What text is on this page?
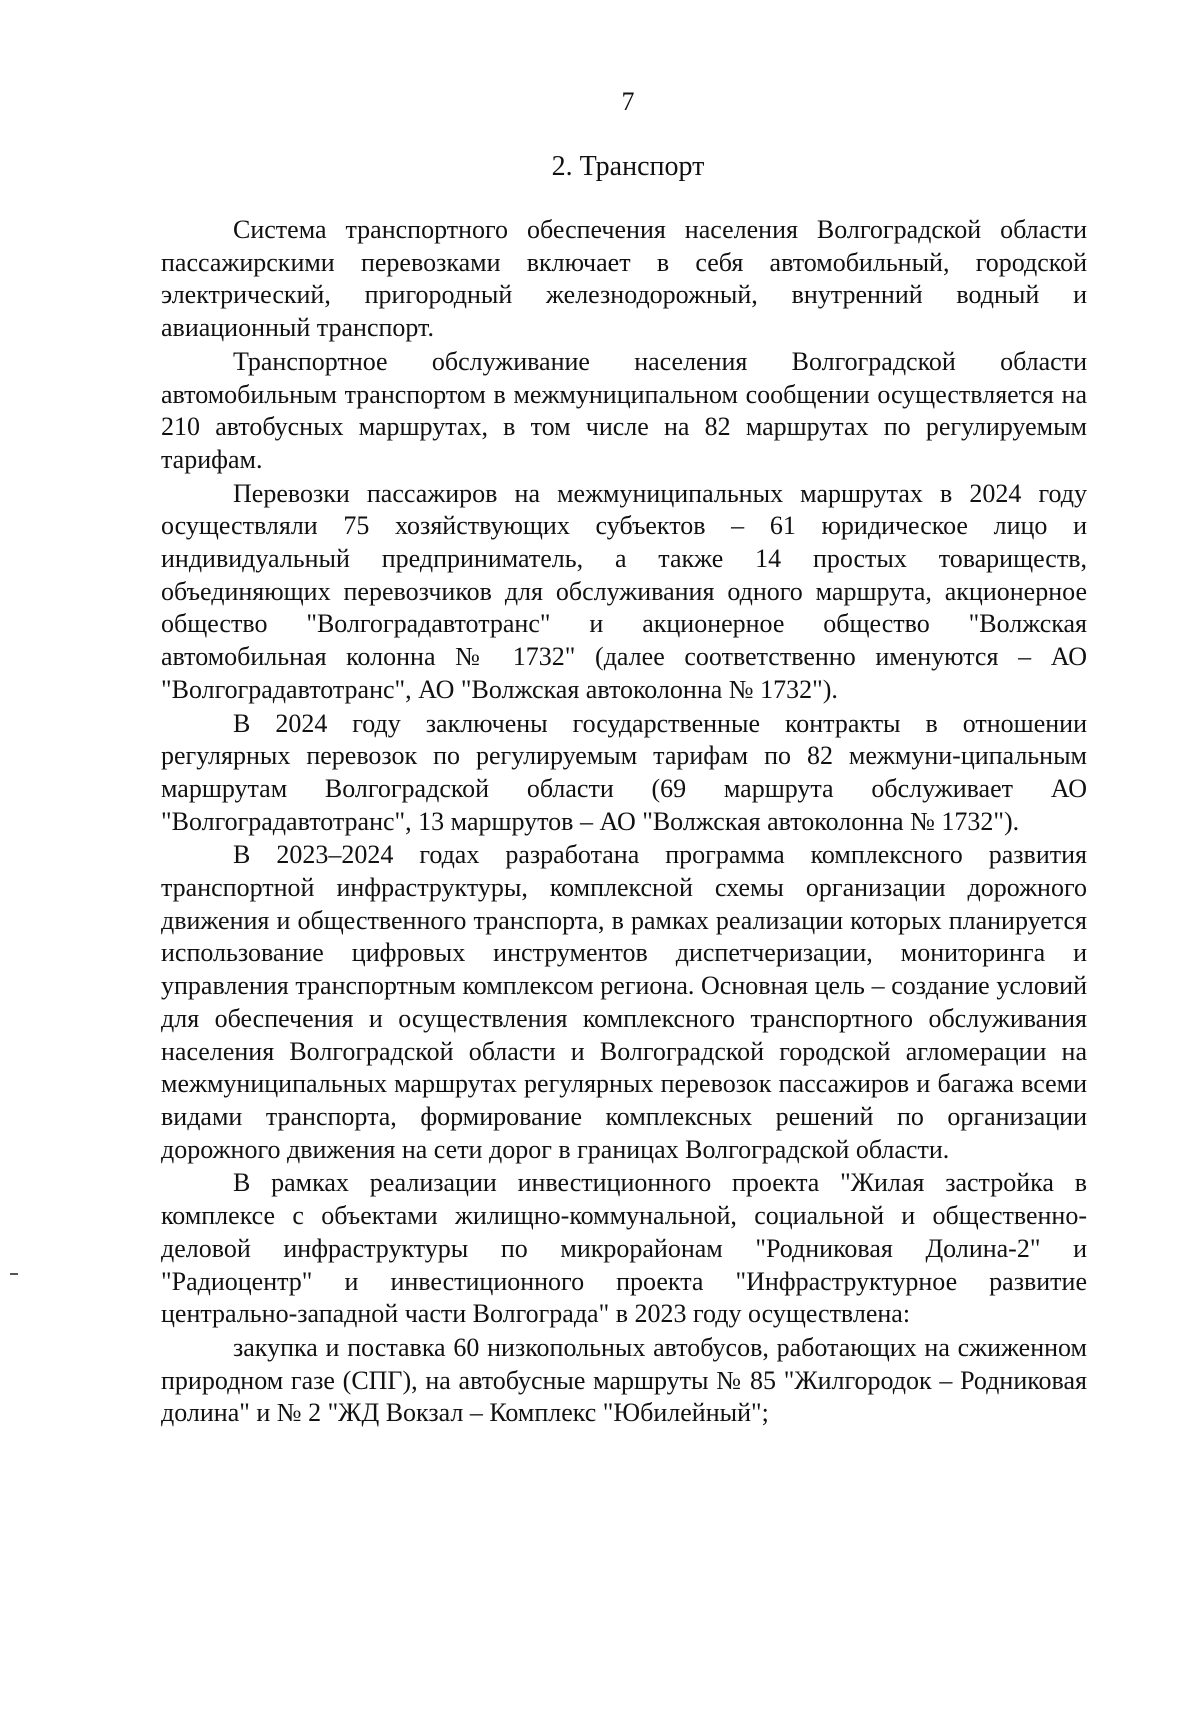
7
2. Транспорт

Система транспортного обеспечения населения Волгоградской области пассажирскими перевозками включает в себя автомобильный, городской электрический, пригородный железнодорожный, внутренний водный и авиационный транспорт.

Транспортное обслуживание населения Волгоградской области автомобильным транспортом в межмуниципальном сообщении осуществляется на 210 автобусных маршрутах, в том числе на 82 маршрутах по регулируемым тарифам.

Перевозки пассажиров на межмуниципальных маршрутах в 2024 году осуществляли 75 хозяйствующих субъектов – 61 юридическое лицо и индивидуальный предприниматель, а также 14 простых товариществ, объединяющих перевозчиков для обслуживания одного маршрута, акционерное общество "Волгоградавтотранс" и акционерное общество "Волжская автомобильная колонна № 1732" (далее соответственно именуются – АО "Волгоградавтотранс", АО "Волжская автоколонна № 1732").

В 2024 году заключены государственные контракты в отношении регулярных перевозок по регулируемым тарифам по 82 межмуни-ципальным маршрутам Волгоградской области (69 маршрута обслуживает АО "Волгоградавтотранс", 13 маршрутов – АО "Волжская автоколонна № 1732").

В 2023–2024 годах разработана программа комплексного развития транспортной инфраструктуры, комплексной схемы организации дорожного движения и общественного транспорта, в рамках реализации которых планируется использование цифровых инструментов диспетчеризации, мониторинга и управления транспортным комплексом региона. Основная цель – создание условий для обеспечения и осуществления комплексного транспортного обслуживания населения Волгоградской области и Волгоградской городской агломерации на межмуниципальных маршрутах регулярных перевозок пассажиров и багажа всеми видами транспорта, формирование комплексных решений по организации дорожного движения на сети дорог в границах Волгоградской области.

В рамках реализации инвестиционного проекта "Жилая застройка в комплексе с объектами жилищно-коммунальной, социальной и общественно-деловой инфраструктуры по микрорайонам "Родниковая Долина-2" и "Радиоцентр" и инвестиционного проекта "Инфраструктурное развитие центрально-западной части Волгограда" в 2023 году осуществлена:

закупка и поставка 60 низкопольных автобусов, работающих на сжиженном природном газе (СПГ), на автобусные маршруты № 85 "Жилгородок – Родниковая долина" и № 2 "ЖД Вокзал – Комплекс "Юбилейный";
